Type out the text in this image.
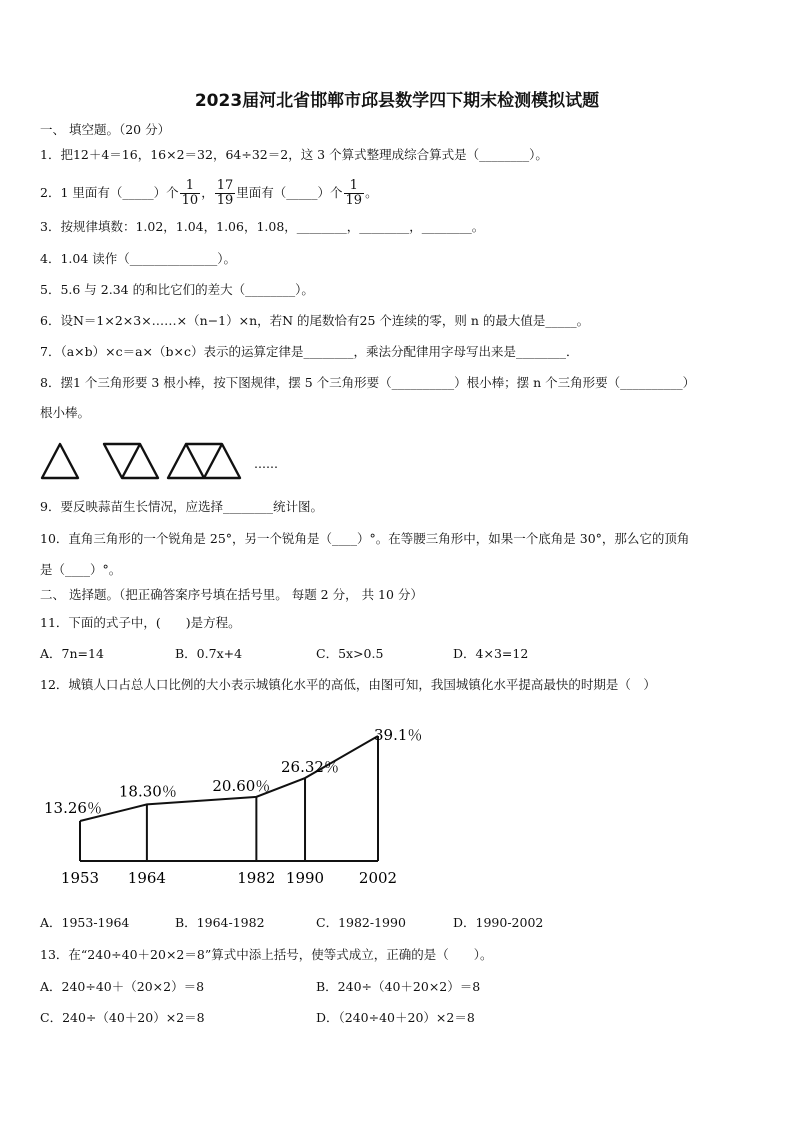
2023届河北省邯郸市邱县数学四下期末检测模拟试题
一、 填空题。（20 分）
1．把12＋4＝16，16×2＝32，64÷32＝2，这 3 个算式整理成综合算式是（________）。
2．1 里面有（_____）个 $\frac{1}{10}$ ， $\frac{17}{19}$ 里面有（_____）个 $\frac{1}{19}$ 。
3．按规律填数：1.02，1.04，1.06，1.08，________，________，________。
4．1.04 读作（______________）。
5．5.6 与 2.34 的和比它们的差大（________）。
6．设N＝1×2×3×……×（n−1）×n，若N 的尾数恰有25 个连续的零，则 n 的最大值是_____。
7．（a×b）×c＝a×（b×c）表示的运算定律是________，乘法分配律用字母写出来是________．
8．摆1 个三角形要 3 根小棒，按下图规律，摆 5 个三角形要（__________）根小棒；摆 n 个三角形要（__________）
根小棒。
……
9．要反映蒜苗生长情况，应选择________统计图。
10．直角三角形的一个锐角是 25°，另一个锐角是（____）°。在等腰三角形中，如果一个底角是 30°，那么它的顶角
是（____）°。
二、 选择题。（把正确答案序号填在括号里。 每题 2 分， 共 10 分）
11．下面的式子中，(　　)是方程。
A．7n=14	B．0.7x+4	C．5x>0.5	D．4×3=12
12．城镇人口占总人口比例的大小表示城镇化水平的高低，由图可知，我国城镇化水平提高最快的时期是（　）
1953
13.26％
1964
18.30％
1982
20.60％
1990
26.32％
2002
39.1％
A．1953-1964	B．1964-1982	C．1982-1990	D．1990-2002
13．在“240÷40＋20×2＝8”算式中添上括号，使等式成立，正确的是（　　）。
A．240÷40＋（20×2）＝8	B．240÷（40＋20×2）＝8
C．240÷（40＋20）×2＝8	D．（240÷40＋20）×2＝8
